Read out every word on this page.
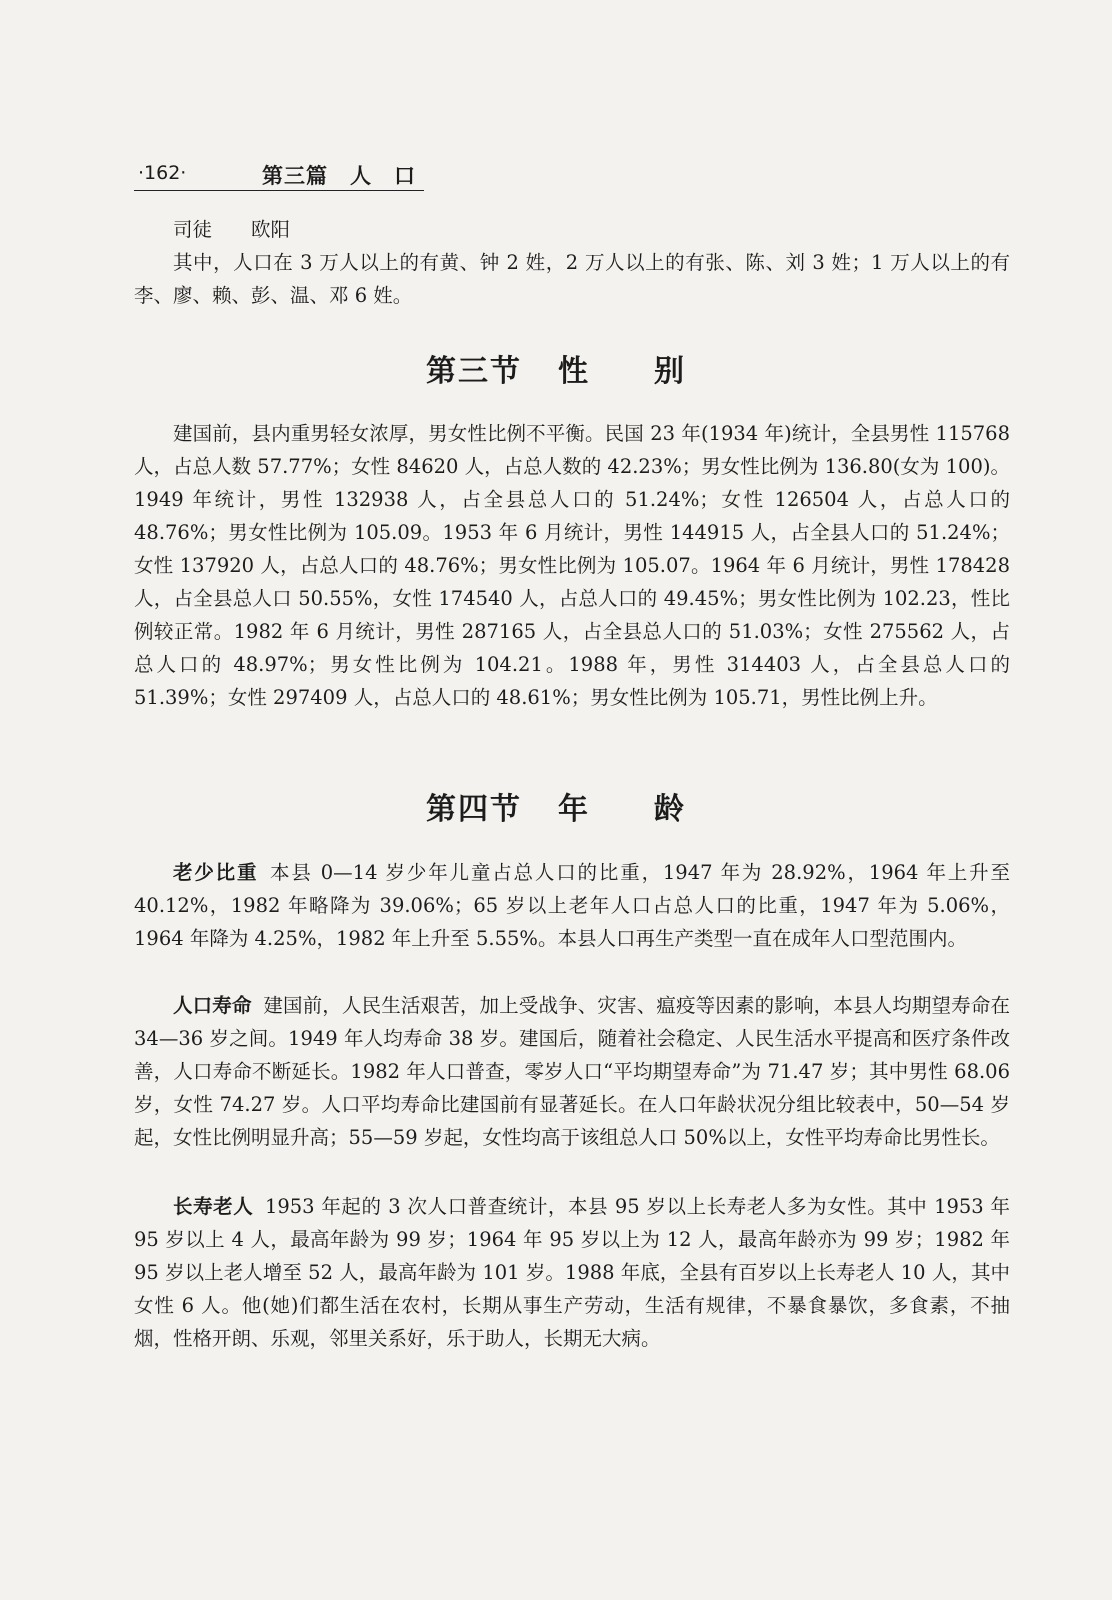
·162·	第三篇　人　口

司徒　　欧阳

其中，人口在 3 万人以上的有黄、钟 2 姓，2 万人以上的有张、陈、刘 3 姓；1 万人以上的有李、廖、赖、彭、温、邓 6 姓。

第三节 性　　别

建国前，县内重男轻女浓厚，男女性比例不平衡。民国 23 年(1934 年)统计，全县男性 115768 人，占总人数 57.77%；女性 84620 人，占总人数的 42.23%；男女性比例为 136.80(女为 100)。1949 年统计，男性 132938 人，占全县总人口的 51.24%；女性 126504 人，占总人口的 48.76%；男女性比例为 105.09。1953 年 6 月统计，男性 144915 人，占全县人口的 51.24%；女性 137920 人，占总人口的 48.76%；男女性比例为 105.07。1964 年 6 月统计，男性 178428 人，占全县总人口 50.55%，女性 174540 人，占总人口的 49.45%；男女性比例为 102.23，性比例较正常。1982 年 6 月统计，男性 287165 人，占全县总人口的 51.03%；女性 275562 人，占总人口的 48.97%；男女性比例为 104.21。1988 年，男性 314403 人，占全县总人口的 51.39%；女性 297409 人，占总人口的 48.61%；男女性比例为 105.71，男性比例上升。

第四节 年　　龄

老少比重 本县 0—14 岁少年儿童占总人口的比重，1947 年为 28.92%，1964 年上升至 40.12%，1982 年略降为 39.06%；65 岁以上老年人口占总人口的比重，1947 年为 5.06%，1964 年降为 4.25%，1982 年上升至 5.55%。本县人口再生产类型一直在成年人口型范围内。

人口寿命 建国前，人民生活艰苦，加上受战争、灾害、瘟疫等因素的影响，本县人均期望寿命在 34—36 岁之间。1949 年人均寿命 38 岁。建国后，随着社会稳定、人民生活水平提高和医疗条件改善，人口寿命不断延长。1982 年人口普查，零岁人口“平均期望寿命”为 71.47 岁；其中男性 68.06 岁，女性 74.27 岁。人口平均寿命比建国前有显著延长。在人口年龄状况分组比较表中，50—54 岁起，女性比例明显升高；55—59 岁起，女性均高于该组总人口 50%以上，女性平均寿命比男性长。

长寿老人 1953 年起的 3 次人口普查统计，本县 95 岁以上长寿老人多为女性。其中 1953 年 95 岁以上 4 人，最高年龄为 99 岁；1964 年 95 岁以上为 12 人，最高年龄亦为 99 岁；1982 年 95 岁以上老人增至 52 人，最高年龄为 101 岁。1988 年底，全县有百岁以上长寿老人 10 人，其中女性 6 人。他(她)们都生活在农村，长期从事生产劳动，生活有规律，不暴食暴饮，多食素，不抽烟，性格开朗、乐观，邻里关系好，乐于助人，长期无大病。
